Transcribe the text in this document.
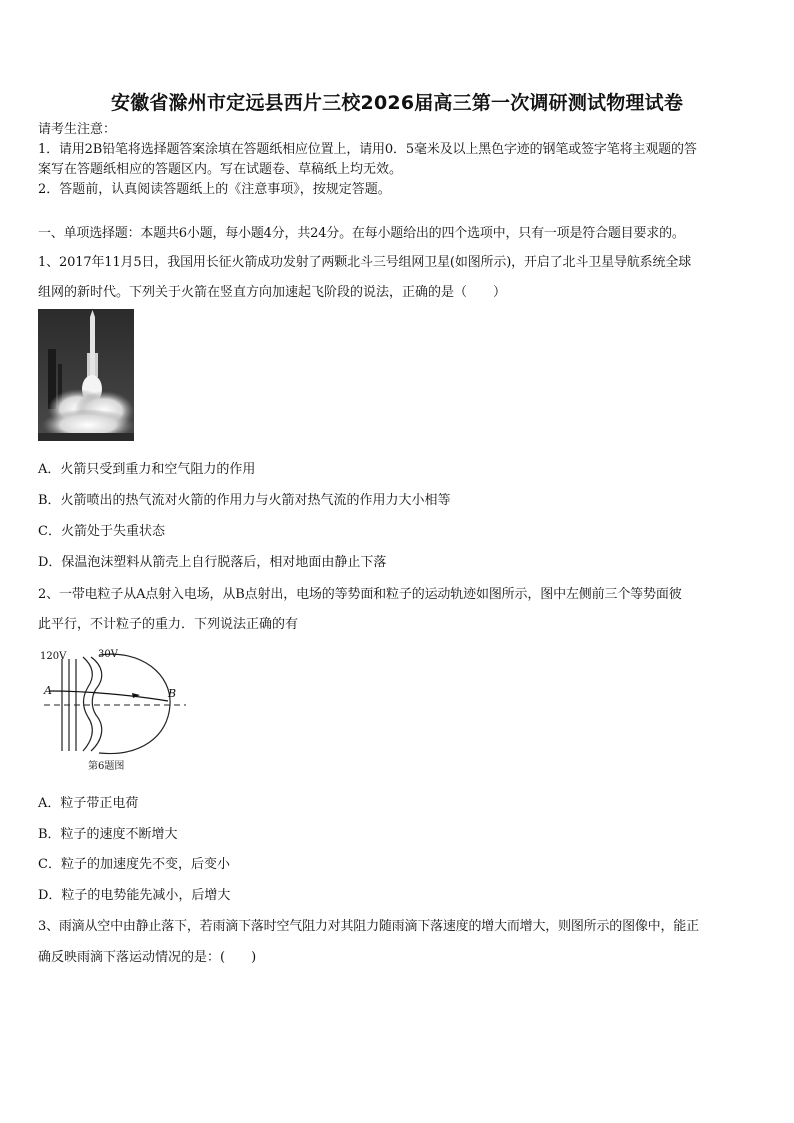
安徽省滁州市定远县西片三校2026届高三第一次调研测试物理试卷
请考生注意：
1．请用2B铅笔将选择题答案涂填在答题纸相应位置上，请用0．5毫米及以上黑色字迹的钢笔或签字笔将主观题的答
案写在答题纸相应的答题区内。写在试题卷、草稿纸上均无效。
2．答题前，认真阅读答题纸上的《注意事项》，按规定答题。
一、单项选择题：本题共6小题，每小题4分，共24分。在每小题给出的四个选项中，只有一项是符合题目要求的。
1、2017年11月5日，我国用长征火箭成功发射了两颗北斗三号组网卫星(如图所示)，开启了北斗卫星导航系统全球
组网的新时代。下列关于火箭在竖直方向加速起飞阶段的说法，正确的是（　　）
A．火箭只受到重力和空气阻力的作用
B．火箭喷出的热气流对火箭的作用力与火箭对热气流的作用力大小相等
C．火箭处于失重状态
D．保温泡沫塑料从箭壳上自行脱落后，相对地面由静止下落
2、一带电粒子从A点射入电场，从B点射出，电场的等势面和粒子的运动轨迹如图所示，图中左侧前三个等势面彼
此平行，不计粒子的重力．下列说法正确的有
120V	30V
A	B
第6题图
A．粒子带正电荷
B．粒子的速度不断增大
C．粒子的加速度先不变，后变小
D．粒子的电势能先减小，后增大
3、雨滴从空中由静止落下，若雨滴下落时空气阻力对其阻力随雨滴下落速度的增大而增大，则图所示的图像中，能正
确反映雨滴下落运动情况的是：(　　)
